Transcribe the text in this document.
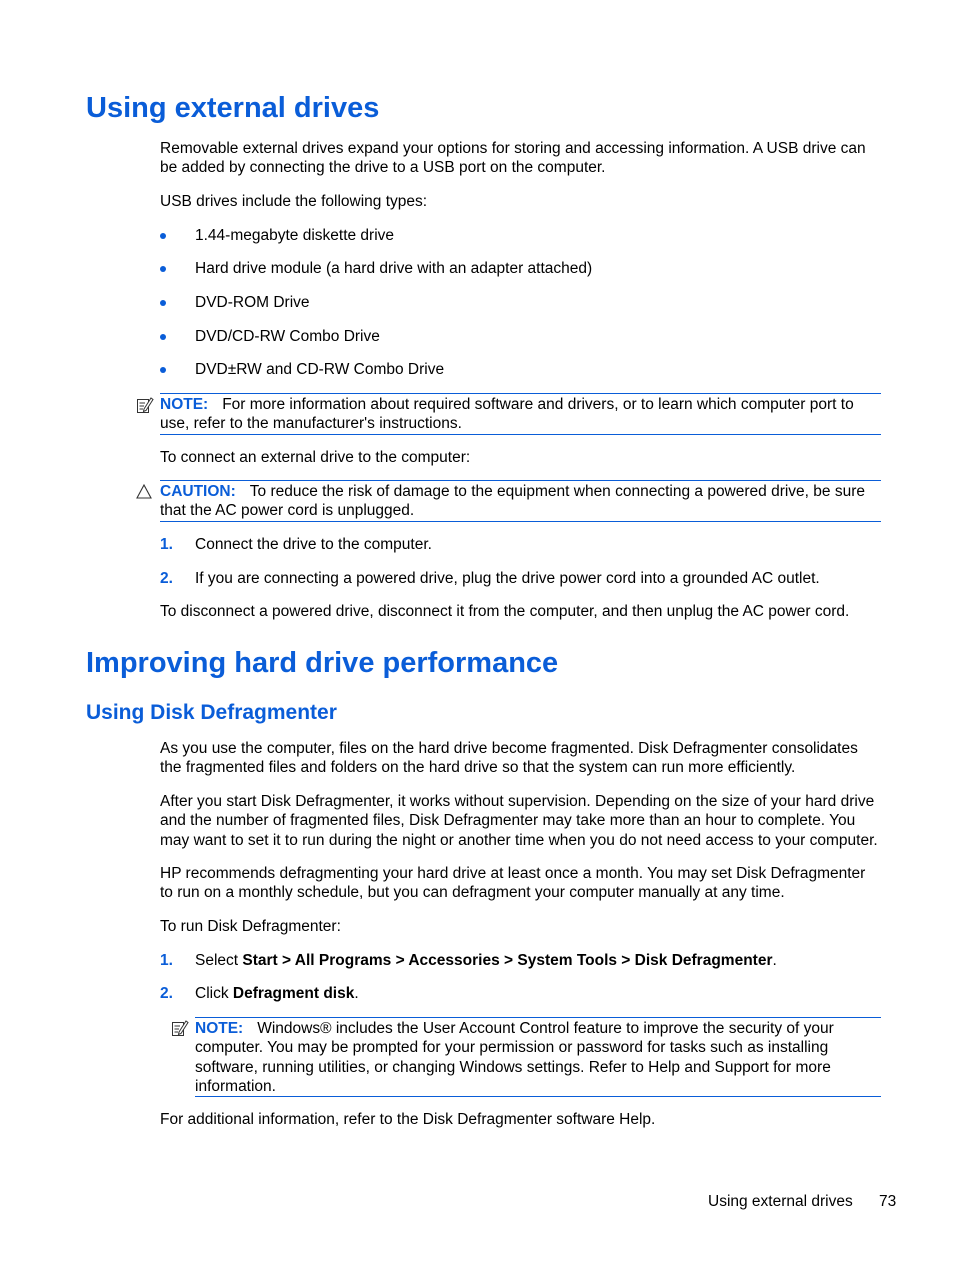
Using external drives
Removable external drives expand your options for storing and accessing information. A USB drive can be added by connecting the drive to a USB port on the computer.
USB drives include the following types:
1.44-megabyte diskette drive
Hard drive module (a hard drive with an adapter attached)
DVD-ROM Drive
DVD/CD-RW Combo Drive
DVD±RW and CD-RW Combo Drive
NOTE: For more information about required software and drivers, or to learn which computer port to use, refer to the manufacturer's instructions.
To connect an external drive to the computer:
CAUTION: To reduce the risk of damage to the equipment when connecting a powered drive, be sure that the AC power cord is unplugged.
1. Connect the drive to the computer.
2. If you are connecting a powered drive, plug the drive power cord into a grounded AC outlet.
To disconnect a powered drive, disconnect it from the computer, and then unplug the AC power cord.
Improving hard drive performance
Using Disk Defragmenter
As you use the computer, files on the hard drive become fragmented. Disk Defragmenter consolidates the fragmented files and folders on the hard drive so that the system can run more efficiently.
After you start Disk Defragmenter, it works without supervision. Depending on the size of your hard drive and the number of fragmented files, Disk Defragmenter may take more than an hour to complete. You may want to set it to run during the night or another time when you do not need access to your computer.
HP recommends defragmenting your hard drive at least once a month. You may set Disk Defragmenter to run on a monthly schedule, but you can defragment your computer manually at any time.
To run Disk Defragmenter:
1. Select Start > All Programs > Accessories > System Tools > Disk Defragmenter.
2. Click Defragment disk.
NOTE: Windows® includes the User Account Control feature to improve the security of your computer. You may be prompted for your permission or password for tasks such as installing software, running utilities, or changing Windows settings. Refer to Help and Support for more information.
For additional information, refer to the Disk Defragmenter software Help.
Using external drives 73
